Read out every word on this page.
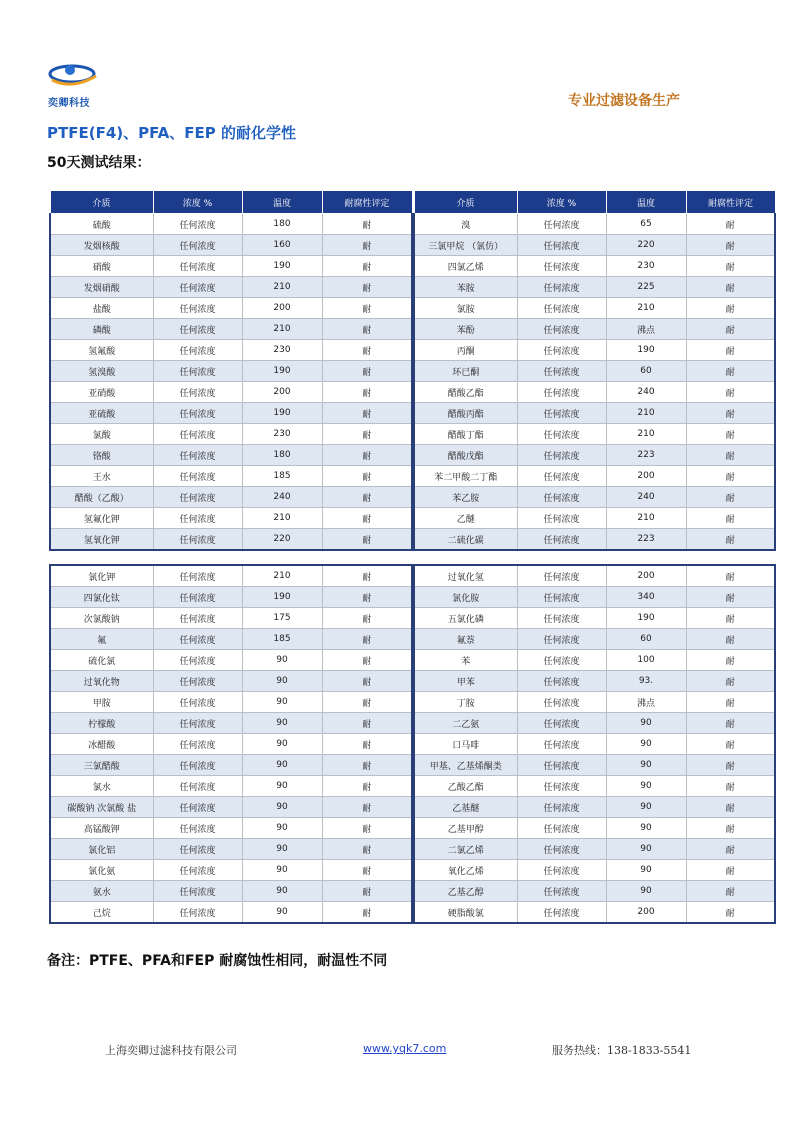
奕卿科技	专业过滤设备生产
PTFE(F4)、PFA、FEP 的耐化学性
50天测试结果：
介质	浓度 %	温度	耐腐性评定
硫酸	任何浓度	180	耐
发烟核酸	任何浓度	160	耐
硝酸	任何浓度	190	耐
发烟硝酸	任何浓度	210	耐
盐酸	任何浓度	200	耐
磷酸	任何浓度	210	耐
氢氟酸	任何浓度	230	耐
氢溴酸	任何浓度	190	耐
亚硝酸	任何浓度	200	耐
亚硫酸	任何浓度	190	耐
氯酸	任何浓度	230	耐
铬酸	任何浓度	180	耐
王水	任何浓度	185	耐
醋酸（乙酸）	任何浓度	240	耐
氢氟化钾	任何浓度	210	耐
氢氧化钾	任何浓度	220	耐
介质	浓度 %	温度	耐腐性评定
溴	任何浓度	65	耐
三氯甲烷 （氯仿）	任何浓度	220	耐
四氯乙烯	任何浓度	230	耐
苯胺	任何浓度	225	耐
氯胺	任何浓度	210	耐
苯酚	任何浓度	沸点	耐
丙酮	任何浓度	190	耐
环已酮	任何浓度	60	耐
醋酸乙酯	任何浓度	240	耐
醋酸丙酯	任何浓度	210	耐
醋酸丁酯	任何浓度	210	耐
醋酸戊酯	任何浓度	223	耐
苯二甲酸二丁酯	任何浓度	200	耐
苯乙胺	任何浓度	240	耐
乙醚	任何浓度	210	耐
二硫化碳	任何浓度	223	耐
氯化钾	任何浓度	210	耐
四氯化钛	任何浓度	190	耐
次氯酸钠	任何浓度	175	耐
氟	任何浓度	185	耐
硫化氯	任何浓度	90	耐
过氧化物	任何浓度	90	耐
甲胺	任何浓度	90	耐
柠檬酸	任何浓度	90	耐
冰醋酸	任何浓度	90	耐
三氯醋酸	任何浓度	90	耐
氯水	任何浓度	90	耐
碳酸钠 次氯酸 盐	任何浓度	90	耐
高锰酸钾	任何浓度	90	耐
氯化铝	任何浓度	90	耐
氯化氨	任何浓度	90	耐
氨水	任何浓度	90	耐
己烷	任何浓度	90	耐
过氧化氢	任何浓度	200	耐
氯化胺	任何浓度	340	耐
五氯化磷	任何浓度	190	耐
氟萘	任何浓度	60	耐
苯	任何浓度	100	耐
甲苯	任何浓度	93.	耐
丁胺	任何浓度	沸点	耐
二乙氨	任何浓度	90	耐
口马啡	任何浓度	90	耐
甲基、乙基烯酮类	任何浓度	90	耐
乙酸乙酯	任何浓度	90	耐
乙基醚	任何浓度	90	耐
乙基甲醇	任何浓度	90	耐
二氯乙烯	任何浓度	90	耐
氧化乙烯	任何浓度	90	耐
乙基乙醇	任何浓度	90	耐
硬脂酸氯	任何浓度	200	耐
备注：PTFE、PFA和FEP 耐腐蚀性相同，耐温性不同
上海奕卿过滤科技有限公司	www.yqk7.com	服务热线：138-1833-5541
